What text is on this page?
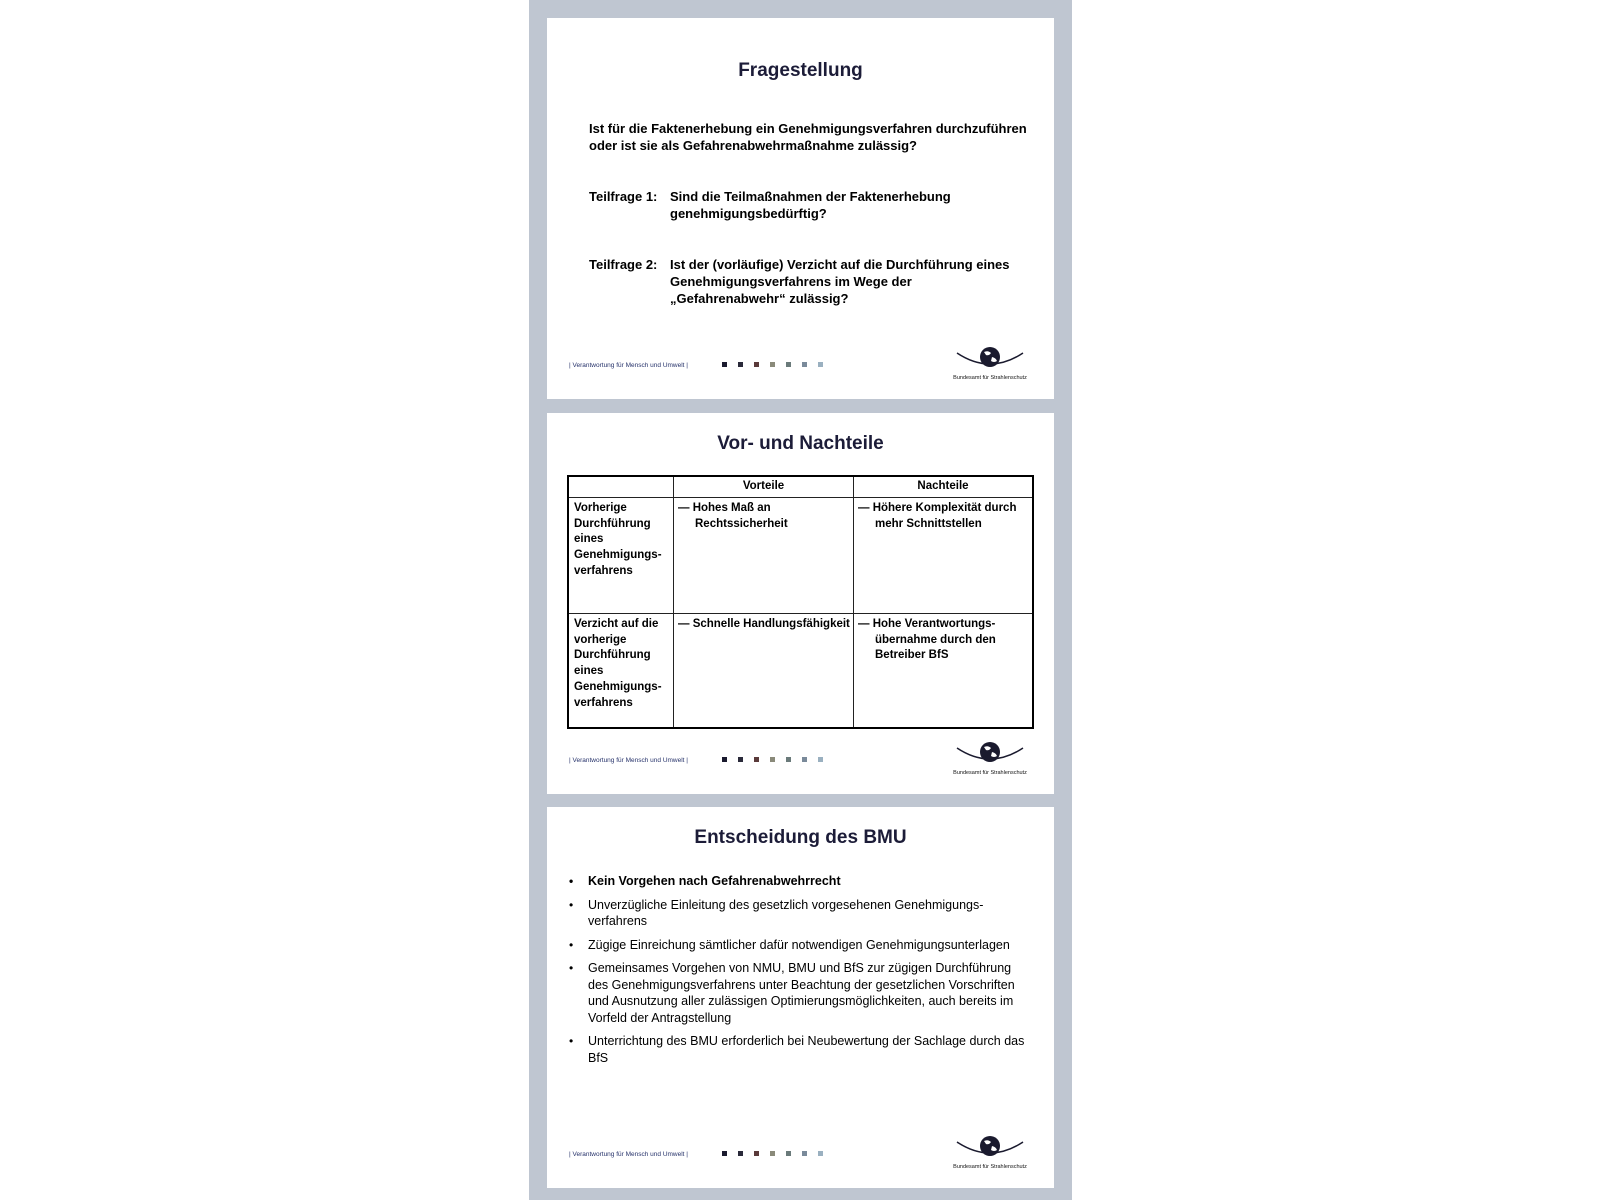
Fragestellung
Ist für die Faktenerhebung ein Genehmigungsverfahren durchzuführen oder ist sie als Gefahrenabwehrmaßnahme zulässig?
Teilfrage 1: Sind die Teilmaßnahmen der Faktenerhebung genehmigungsbedürftig?
Teilfrage 2: Ist der (vorläufige) Verzicht auf die Durchführung eines Genehmigungsverfahrens im Wege der „Gefahrenabwehr“ zulässig?
| Verantwortung für Mensch und Umwelt |
Bundesamt für Strahlenschutz
Vor- und Nachteile
Vorteile	Nachteile
Vorherige Durchführung eines Genehmigungs-verfahrens
— Hohes Maß an Rechtssicherheit
— Höhere Komplexität durch mehr Schnittstellen
Verzicht auf die vorherige Durchführung eines Genehmigungs-verfahrens
— Schnelle Handlungsfähigkeit — Hohe Verantwortungs-übernahme durch den Betreiber BfS
| Verantwortung für Mensch und Umwelt |
Bundesamt für Strahlenschutz
Entscheidung des BMU
• Kein Vorgehen nach Gefahrenabwehrrecht
• Unverzügliche Einleitung des gesetzlich vorgesehenen Genehmigungs-verfahrens
• Zügige Einreichung sämtlicher dafür notwendigen Genehmigungsunterlagen
• Gemeinsames Vorgehen von NMU, BMU und BfS zur zügigen Durchführung des Genehmigungsverfahrens unter Beachtung der gesetzlichen Vorschriften und Ausnutzung aller zulässigen Optimierungsmöglichkeiten, auch bereits im Vorfeld der Antragstellung
• Unterrichtung des BMU erforderlich bei Neubewertung der Sachlage durch das BfS
| Verantwortung für Mensch und Umwelt |
Bundesamt für Strahlenschutz
